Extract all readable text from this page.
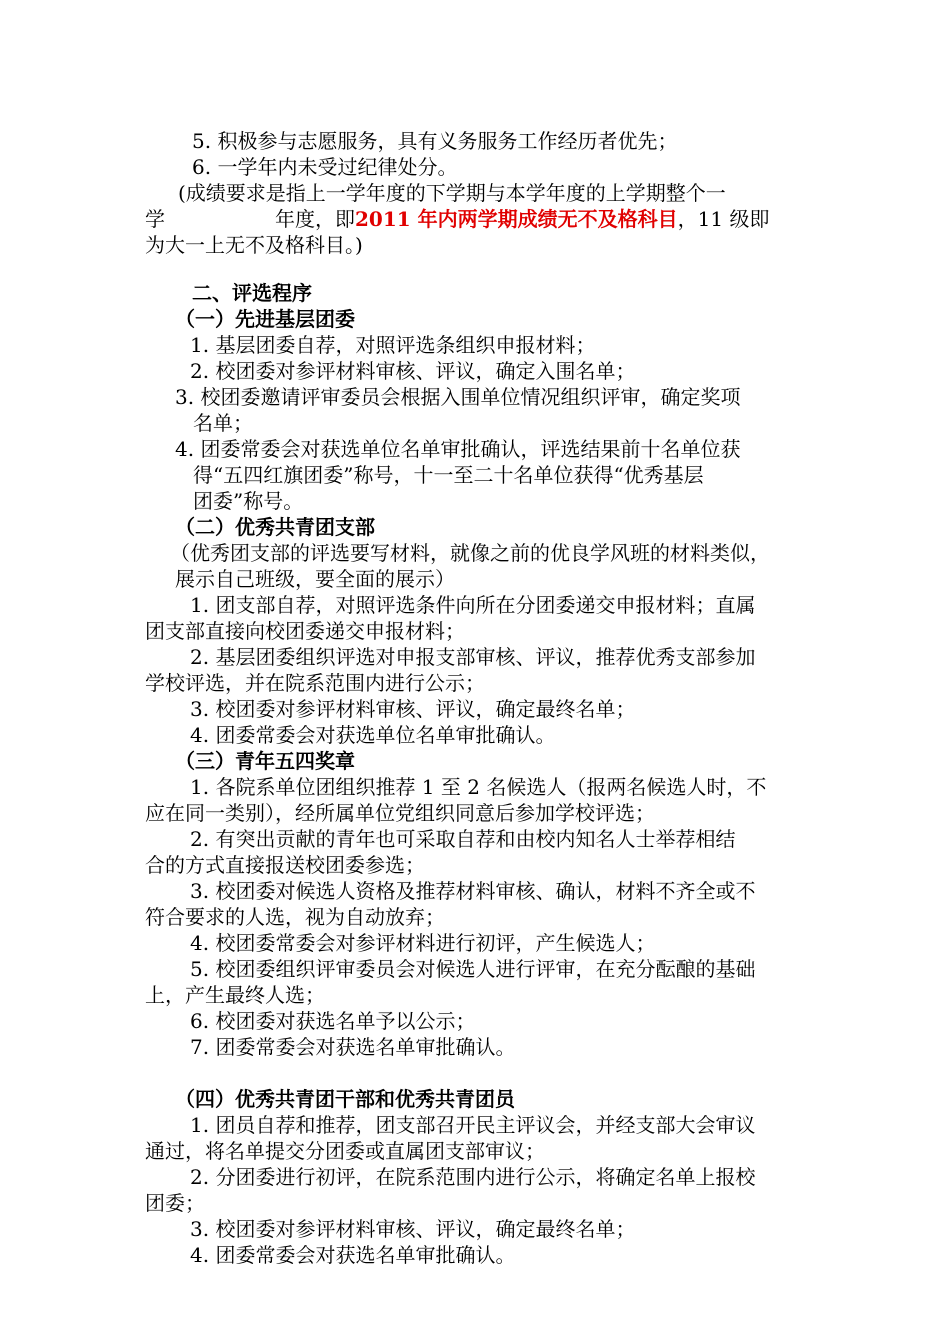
5. 积极参与志愿服务，具有义务服务工作经历者优先；
6. 一学年内未受过纪律处分。
(成绩要求是指上一学年度的下学期与本学年度的上学期整个一
学	年度，即2011 年内两学期成绩无不及格科目，11 级即
为大一上无不及格科目。)
二、评选程序
（一）先进基层团委
1. 基层团委自荐，对照评选条组织申报材料；
2. 校团委对参评材料审核、评议，确定入围名单；
3. 校团委邀请评审委员会根据入围单位情况组织评审，确定奖项
名单；
4. 团委常委会对获选单位名单审批确认，评选结果前十名单位获
得“五四红旗团委”称号，十一至二十名单位获得“优秀基层
团委”称号。
（二）优秀共青团支部
（优秀团支部的评选要写材料，就像之前的优良学风班的材料类似，
展示自己班级，要全面的展示）
1. 团支部自荐，对照评选条件向所在分团委递交申报材料；直属
团支部直接向校团委递交申报材料；
2. 基层团委组织评选对申报支部审核、评议，推荐优秀支部参加
学校评选，并在院系范围内进行公示；
3. 校团委对参评材料审核、评议，确定最终名单；
4. 团委常委会对获选单位名单审批确认。
（三）青年五四奖章
1. 各院系单位团组织推荐 1 至 2 名候选人（报两名候选人时，不
应在同一类别），经所属单位党组织同意后参加学校评选；
2. 有突出贡献的青年也可采取自荐和由校内知名人士举荐相结
合的方式直接报送校团委参选；
3. 校团委对候选人资格及推荐材料审核、确认，材料不齐全或不
符合要求的人选，视为自动放弃；
4. 校团委常委会对参评材料进行初评，产生候选人；
5. 校团委组织评审委员会对候选人进行评审，在充分酝酿的基础
上，产生最终人选；
6. 校团委对获选名单予以公示；
7. 团委常委会对获选名单审批确认。
（四）优秀共青团干部和优秀共青团员
1. 团员自荐和推荐，团支部召开民主评议会，并经支部大会审议
通过，将名单提交分团委或直属团支部审议；
2. 分团委进行初评，在院系范围内进行公示，将确定名单上报校
团委；
3. 校团委对参评材料审核、评议，确定最终名单；
4. 团委常委会对获选名单审批确认。
